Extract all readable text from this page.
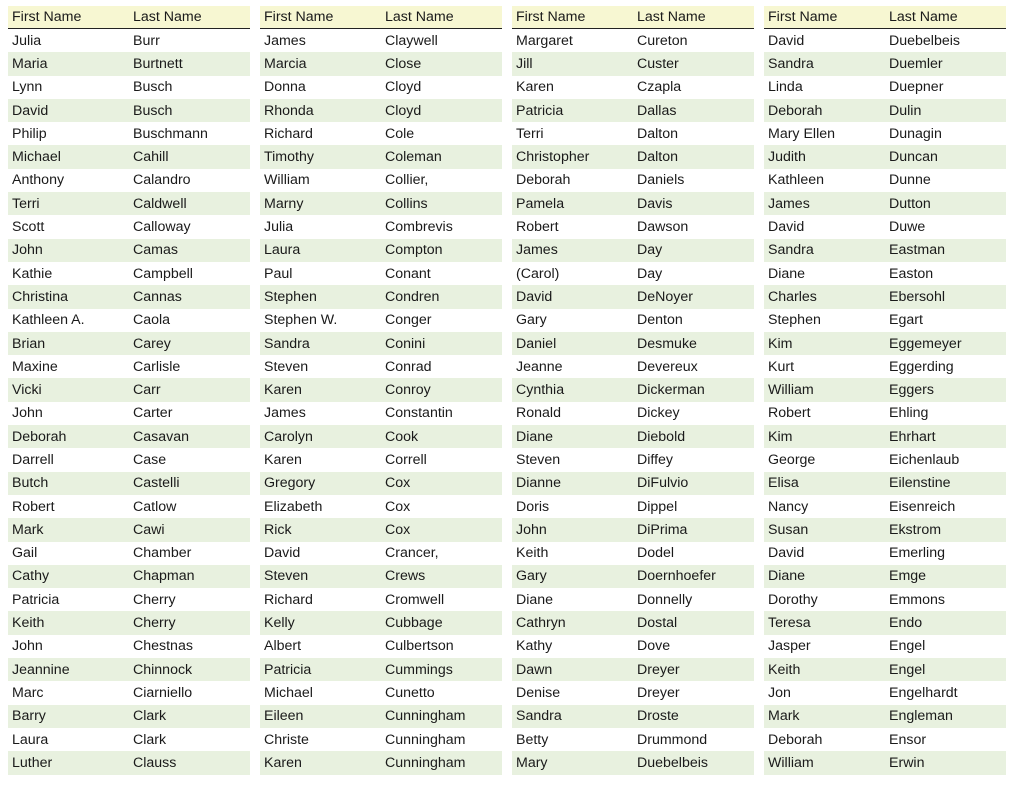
First Name	Last Name
Julia	Burr
Maria	Burtnett
Lynn	Busch
David	Busch
Philip	Buschmann
Michael	Cahill
Anthony	Calandro
Terri	Caldwell
Scott	Calloway
John	Camas
Kathie	Campbell
Christina	Cannas
Kathleen A.	Caola
Brian	Carey
Maxine	Carlisle
Vicki	Carr
John	Carter
Deborah	Casavan
Darrell	Case
Butch	Castelli
Robert	Catlow
Mark	Cawi
Gail	Chamber
Cathy	Chapman
Patricia	Cherry
Keith	Cherry
John	Chestnas
Jeannine	Chinnock
Marc	Ciarniello
Barry	Clark
Laura	Clark
Luther	Clauss
First Name	Last Name
James	Claywell
Marcia	Close
Donna	Cloyd
Rhonda	Cloyd
Richard	Cole
Timothy	Coleman
William	Collier,
Marny	Collins
Julia	Combrevis
Laura	Compton
Paul	Conant
Stephen	Condren
Stephen W.	Conger
Sandra	Conini
Steven	Conrad
Karen	Conroy
James	Constantin
Carolyn	Cook
Karen	Correll
Gregory	Cox
Elizabeth	Cox
Rick	Cox
David	Crancer,
Steven	Crews
Richard	Cromwell
Kelly	Cubbage
Albert	Culbertson
Patricia	Cummings
Michael	Cunetto
Eileen	Cunningham
Christe	Cunningham
Karen	Cunningham
First Name	Last Name
Margaret	Cureton
Jill	Custer
Karen	Czapla
Patricia	Dallas
Terri	Dalton
Christopher	Dalton
Deborah	Daniels
Pamela	Davis
Robert	Dawson
James	Day
(Carol)	Day
David	DeNoyer
Gary	Denton
Daniel	Desmuke
Jeanne	Devereux
Cynthia	Dickerman
Ronald	Dickey
Diane	Diebold
Steven	Diffey
Dianne	DiFulvio
Doris	Dippel
John	DiPrima
Keith	Dodel
Gary	Doernhoefer
Diane	Donnelly
Cathryn	Dostal
Kathy	Dove
Dawn	Dreyer
Denise	Dreyer
Sandra	Droste
Betty	Drummond
Mary	Duebelbeis
First Name	Last Name
David	Duebelbeis
Sandra	Duemler
Linda	Duepner
Deborah	Dulin
Mary Ellen	Dunagin
Judith	Duncan
Kathleen	Dunne
James	Dutton
David	Duwe
Sandra	Eastman
Diane	Easton
Charles	Ebersohl
Stephen	Egart
Kim	Eggemeyer
Kurt	Eggerding
William	Eggers
Robert	Ehling
Kim	Ehrhart
George	Eichenlaub
Elisa	Eilenstine
Nancy	Eisenreich
Susan	Ekstrom
David	Emerling
Diane	Emge
Dorothy	Emmons
Teresa	Endo
Jasper	Engel
Keith	Engel
Jon	Engelhardt
Mark	Engleman
Deborah	Ensor
William	Erwin
